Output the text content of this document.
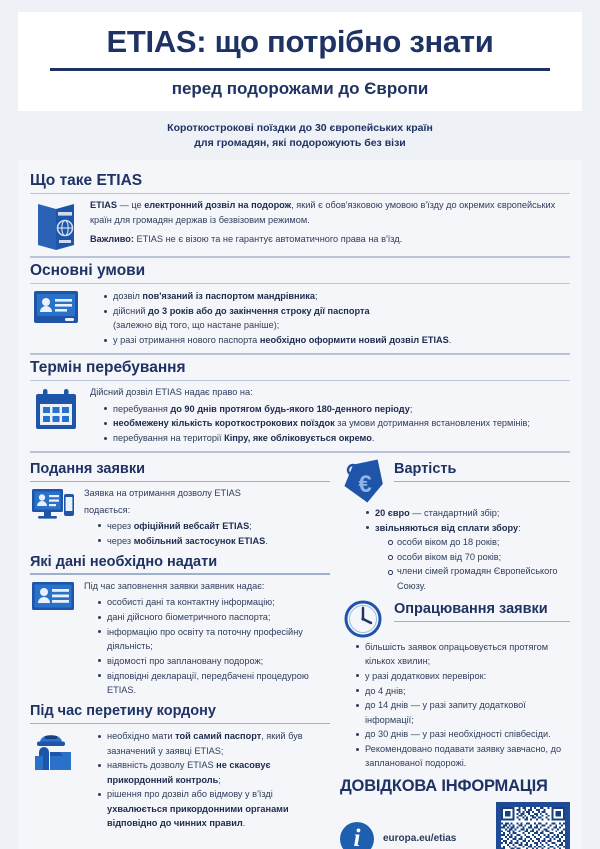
ETIAS: що потрібно знати
перед подорожами до Європи
Короткострокові поїздки до 30 європейських країн
для громадян, які подорожують без візи
Що таке ETIAS
ETIAS — це електронний дозвіл на подорож, який є обов'язковою умовою в'їзду до окремих європейських країн для громадян держав із безвізовим режимом.
Важливо: ETIAS не є візою та не гарантує автоматичного права на в'їзд.
Основні умови
дозвіл пов'язаний із паспортом мандрівника;
дійсний до 3 років або до закінчення строку дії паспорта
(залежно від того, що настане раніше);
у разі отримання нового паспорта необхідно оформити новий дозвіл ETIAS.
Термін перебування
Дійсний дозвіл ETIAS надає право на:
перебування до 90 днів протягом будь-якого 180-денного періоду;
необмежену кількість короткострокових поїздок за умови дотримання встановлених термінів;
перебування на території Кіпру, яке обліковується окремо.
Подання заявки
Заявка на отримання дозволу ETIAS
подається:
через офіційний вебсайт ETIAS;
через мобільний застосунок ETIAS.
Які дані необхідно надати
Під час заповнення заявки заявник надає:
особисті дані та контактну інформацію;
дані дійсного біометричного паспорта;
інформацію про освіту та поточну професійну діяльність;
відомості про заплановану подорож;
відповідні декларації, передбачені процедурою ETIAS.
Під час перетину кордону
необхідно мати той самий паспорт, який був зазначений у заявці ETIAS;
наявність дозволу ETIAS не скасовує прикордонний контроль;
рішення про дозвіл або відмову у в'їзді ухвалюється прикордонними органами відповідно до чинних правил.
€
Вартість
20 євро — стандартний збір;
звільняються від сплати збору:
особи віком до 18 років;
особи віком від 70 років;
члени сімей громадян Європейського Союзу.
Опрацювання заявки
більшість заявок опрацьовується протягом кількох хвилин;
у разі додаткових перевірок:
до 4 днів;
до 14 днів — у разі запиту додаткової інформації;
до 30 днів — у разі необхідності співбесіди.
Рекомендовано подавати заявку завчасно, до запланованої подорожі.
ДОВІДКОВА ІНФОРМАЦІЯ
i	europa.eu/etias
